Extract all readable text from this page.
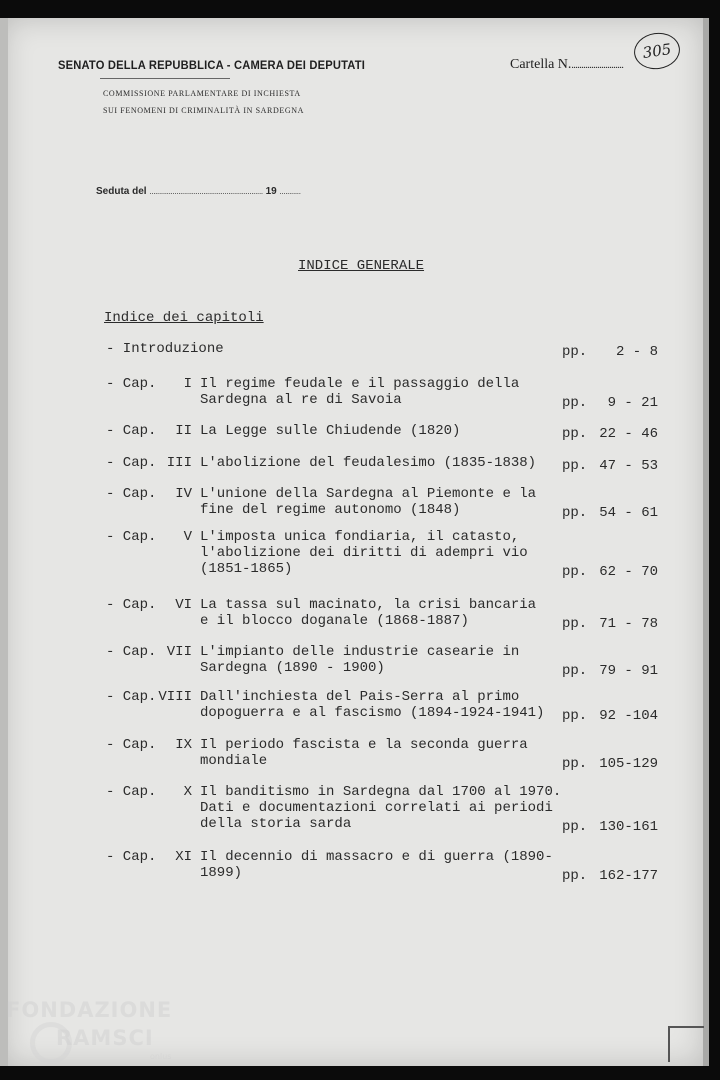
SENATO DELLA REPUBBLICA - CAMERA DEI DEPUTATI
COMMISSIONE PARLAMENTARE DI INCHIESTA
SUI FENOMENI DI CRIMINALITÀ IN SARDEGNA
Cartella N...........................
305
Seduta del ........................................................... 19 ...........
INDICE GENERALE
Indice dei capitoli
- Introduzione	pp.	2 - 8
- Cap.	I Il regime feudale e il passaggio della
Sardegna al re di Savoia	pp.	9 - 21
- Cap.	II La Legge sulle Chiudende (1820)	pp. 22 - 46
- Cap. III L'abolizione del feudalesimo (1835-1838) pp. 47 - 53
- Cap.	IV L'unione della Sardegna al Piemonte e la
fine del regime autonomo (1848)	pp. 54 - 61
- Cap.	V L'imposta unica fondiaria, il catasto,
l'abolizione dei diritti di adempri vio
(1851-1865)	pp. 62 - 70
- Cap.	VI La tassa sul macinato, la crisi bancaria
e il blocco doganale (1868-1887)	pp. 71 - 78
- Cap. VII L'impianto delle industrie casearie in
Sardegna (1890 - 1900)	pp. 79 - 91
- Cap. VIII Dall'inchiesta del Pais-Serra al primo
dopoguerra e al fascismo (1894-1924-1941) pp. 92 -104
- Cap.	IX Il periodo fascista e la seconda guerra
mondiale	pp. 105-129
- Cap.	X Il banditismo in Sardegna dal 1700 al 1970.
Dati e documentazioni correlati ai periodi
della storia sarda	pp. 130-161
- Cap.	XI Il decennio di massacro e di guerra (1890-
1899)	pp. 162-177
FONDAZIONE
RAMSCI
onlus
